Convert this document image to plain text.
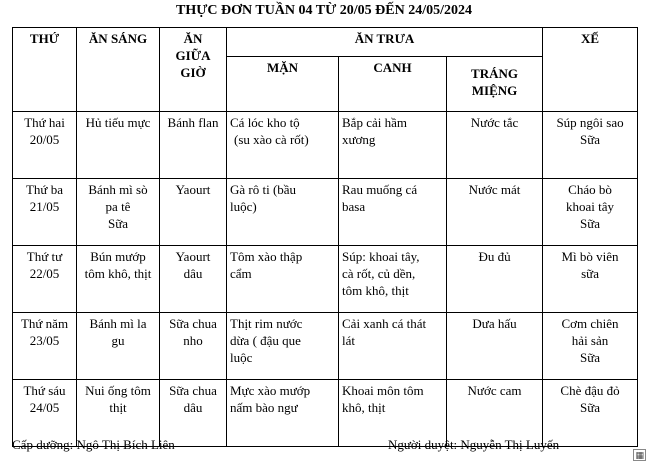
THỰC ĐƠN TUẦN 04 TỪ 20/05 ĐẾN 24/05/2024
THỨ	ĂN SÁNG	ĂN
GIỮA
GIỜ	ĂN TRƯA			XẾ
			MẶN	CANH	TRÁNG
MIỆNG	

Thứ hai
20/05	Hủ tiếu mực	Bánh flan	Cá lóc kho tộ
(su xào cà rốt)	Bắp cải hầm
xương	Nước tắc	Súp ngôi sao
Sữa

Thứ ba
21/05	Bánh mì sò
pa tê
Sữa	Yaourt	Gà rô ti (bầu
luộc)	Rau muống cá
basa	Nước mát	Cháo bò
khoai tây
Sữa

Thứ tư
22/05	Bún mướp
tôm khô, thịt	Yaourt
dâu	Tôm xào thập
cẩm	Súp: khoai tây,
cà rốt, củ dền,
tôm khô, thịt	Đu đủ	Mì bò viên
sữa

Thứ năm
23/05	Bánh mì la
gu	Sữa chua
nho	Thịt rim nước
dừa ( đậu que
luộc	Cải xanh cá thát
lát	Dưa hấu	Cơm chiên
hải sản
Sữa

Thứ sáu
24/05	Nui ống tôm
thịt	Sữa chua
dâu	Mực xào mướp
nấm bào ngư	Khoai môn tôm
khô, thịt	Nước cam	Chè đậu đỏ
Sữa
Cấp dưỡng: Ngô Thị Bích Liên	Người duyệt: Nguyễn Thị Luyến
▦
